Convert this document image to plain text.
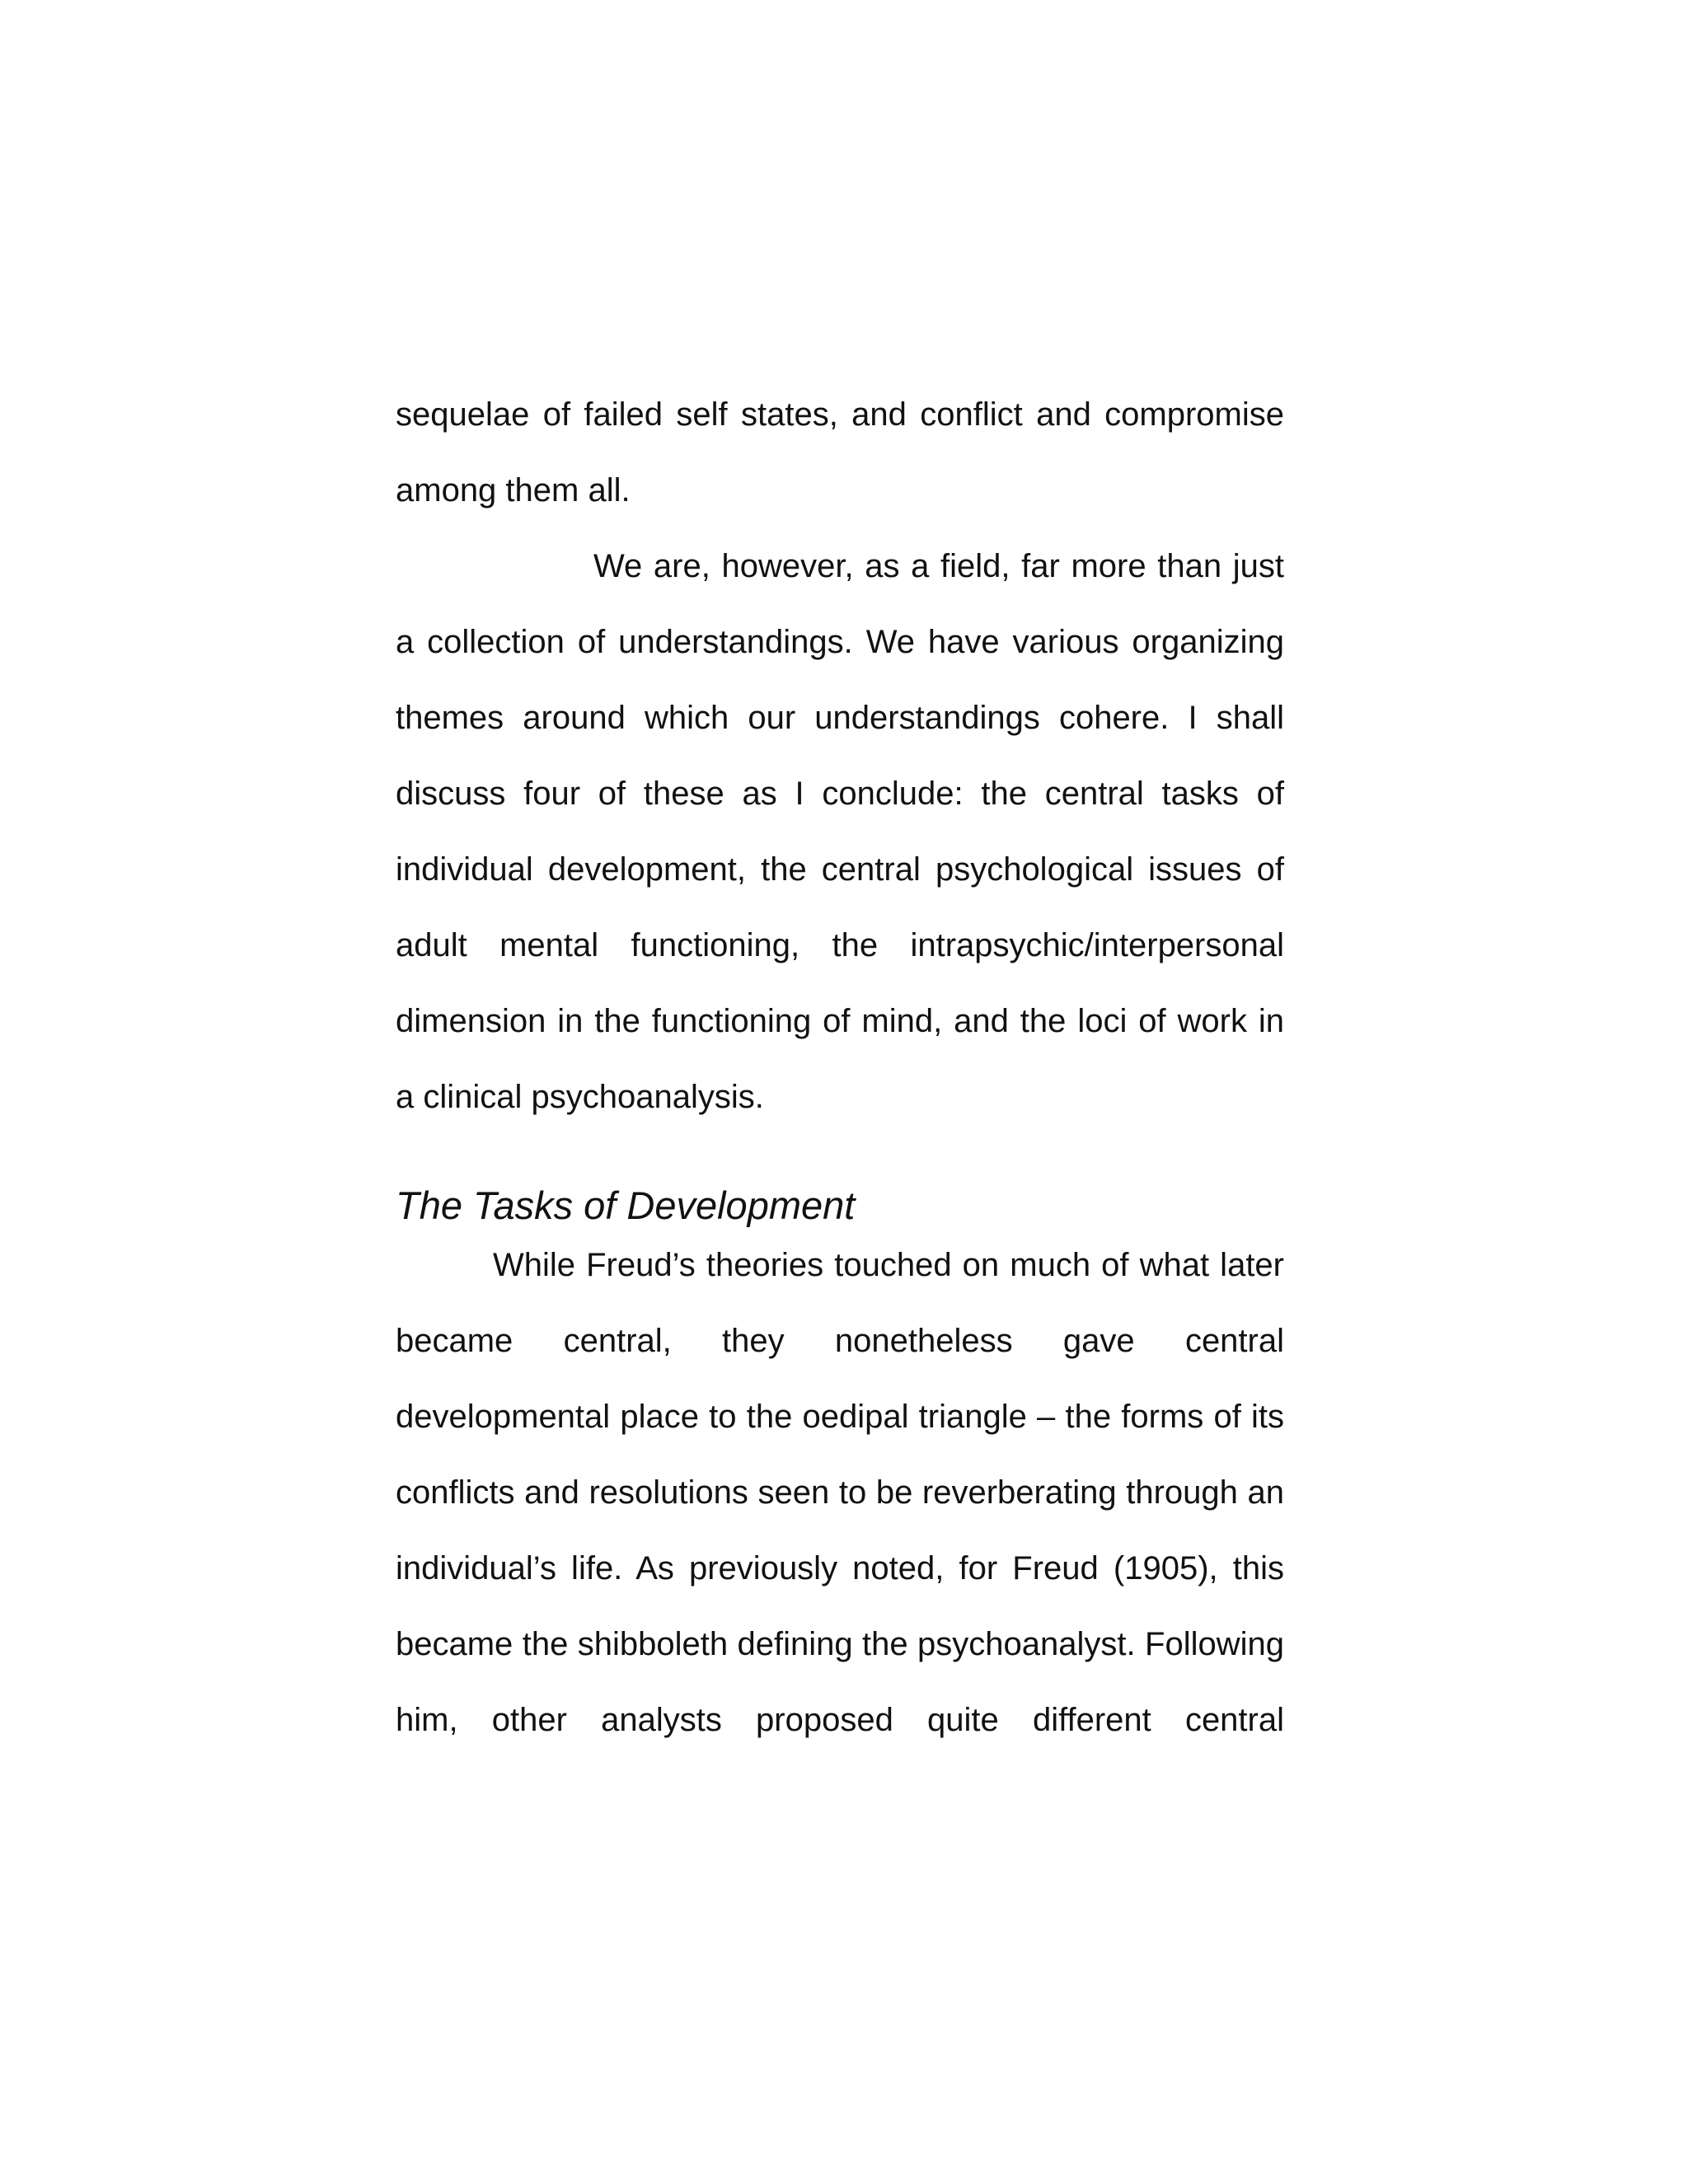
sequelae of failed self states, and conflict and compromise
among them all.
We are, however, as a field, far more than just
a collection of understandings. We have various organizing
themes around which our understandings cohere. I shall
discuss four of these as I conclude: the central tasks of
individual development, the central psychological issues of
adult mental functioning, the intrapsychic/interpersonal
dimension in the functioning of mind, and the loci of work in
a clinical psychoanalysis.
The Tasks of Development
While Freud’s theories touched on much of what later
became central, they nonetheless gave central
developmental place to the oedipal triangle – the forms of its
conflicts and resolutions seen to be reverberating through an
individual’s life. As previously noted, for Freud (1905), this
became the shibboleth defining the psychoanalyst. Following
him, other analysts proposed quite different central
